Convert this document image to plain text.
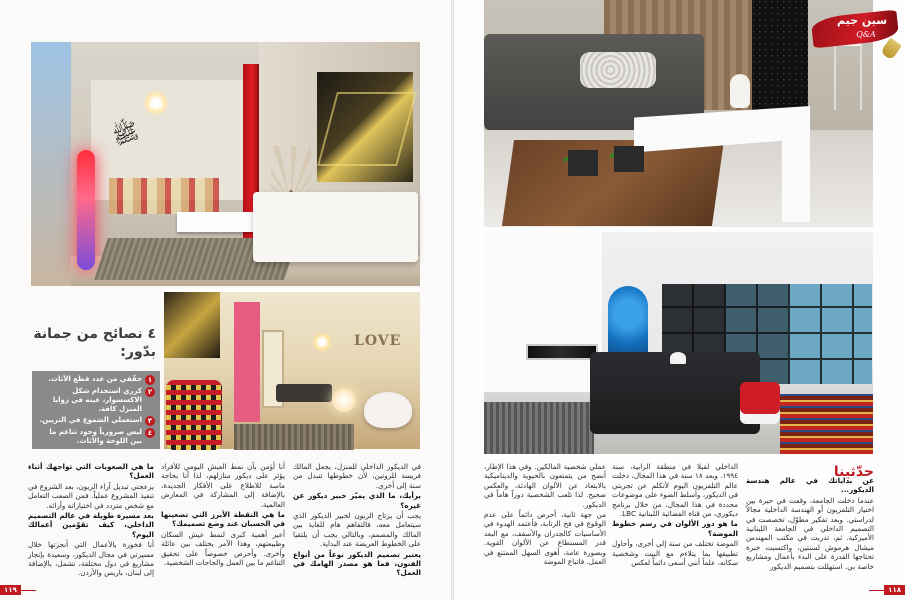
ﷺ
LOVE
٤ نصائح من جمانة بدّور:
١
خفّفي من عدد قطع الأثاث.
٢
كرري استخدام شكل الاكسسوار، عينه في زوايا المنزل كافة.
٣
استعملي الشموع في التزيين.
٤
ليس ضرورياً وجود تناغم ما بين اللوحة والأثاث.

في الديكور الداخلي للمنزل، يجعل المالك فريسة للروتين، لأن خطوطها تتبدل من سنة إلى أخرى.

برأيك، ما الذي يميّز خبير ديكور عن غيره؟

يجب أن يرتاح الزبون لخبير الديكور الذي سيتعامل معه، فالتفاهم هام للغاية بين المالك والمصمم، وبالتالي يجب أن يلتقيا على الخطوط العريضة عند البداية.

يعتبر تصميم الديكور نوعاً من أنواع الفنون، فما هو مصدر الهامك في العمل؟

أنا أؤمن بأن نمط العيش اليومي للأفراد يؤثر على ديكور منازلهم، لذا أنا بحاجة ماسة للاطلاع على الأفكار الجديدة، بالإضافة إلى المشاركة في المعارض العالمية.

ما هي النقطة الأبرز التي تضعينها في الحسبان عند وضع تصميمك؟

أعير أهمية كبرى لنمط عيش السكان وطبيعتهم، وهذا الأمر يختلف بين عائلة وأخرى. وأحرص خصوصاً على تحقيق التناغم ما بين العمل والحاجات الشخصية.

ما هي الصعوبات التي تواجهك أثناء العمل؟

يزعجني تبديل آراء الزبون، بعد الشروع في تنفيذ المشروع عملياً. فمن الصعب التعامل مع شخص متردد في اختياراته وآرائه.

بعد مسيرة طويلة في عالم التصميم الداخلي، كيف تقوّمين أعمالك اليوم؟

أنا فخورة بالأعمال التي أنجزتها خلال مسيرتي في مجال الديكور، وسعيدة بإنجاز مشاريع في دول مختلفة، تشمل، بالإضافة إلى لبنان، باريس والأردن.

سين جيم
Q&A
حدّثينا

عن بداياتك في عالم هندسة الديكور...

عندما دخلت الجامعة، وقعت في حيرة بين اختيار التلفزيون أو الهندسة الداخلية مجالاً لدراستي. وبعد تفكير مطوّل، تخصصت في التصميم الداخلي في الجامعة اللبنانية الأميركية. ثم، تدربت في مكتب المهندس ميشال هرموش لسنتين، واكتسبت خبرة تحتاجها القدرة على البدء بأعمال ومشاريع خاصة بي. استهللت بتصميم الديكور

الداخلي لفيلا في منطقة الرابية، سنة ١٩٩٤. وبعد ١٨ سنة في هذا المجال، دخلت عالم التلفزيون اليوم لأتكلم عن تجربتي في الديكور، وأسلط الضوء على موضوعات محددة في هذا المجال، من خلال برنامج ديكوري، من قناة الفضائية اللبنانية LBC.

ما هو دور الألوان في رسم خطوط الموضة؟

الموضة تختلف من سنة إلى أخرى، وأحاول تطبيقها بما يتلاءم مع البيت وشخصية سكانه، علماً أنني أسعى دائماً لعكس

عملي شخصية المالكين. وفي هذا الإطار، أنصح من يتمتعون بالحيوية والديناميكية بالابتعاد عن الألوان الهادئة، والعكس صحيح. لذا تلعب الشخصية دوراً هاماً في الديكور.

من جهة ثانية، أحرص دائماً على عدم الوقوع في فخ الرتابة، فأعتمد الهدوء في الأساسيات كالجدران والأسقف، مع البعد قدر المستطاع عن الألوان القوية. وبصورة عامة، أهوى السهل الممتنع في العمل. فاتباع الموضة

١١٩	١١٨
